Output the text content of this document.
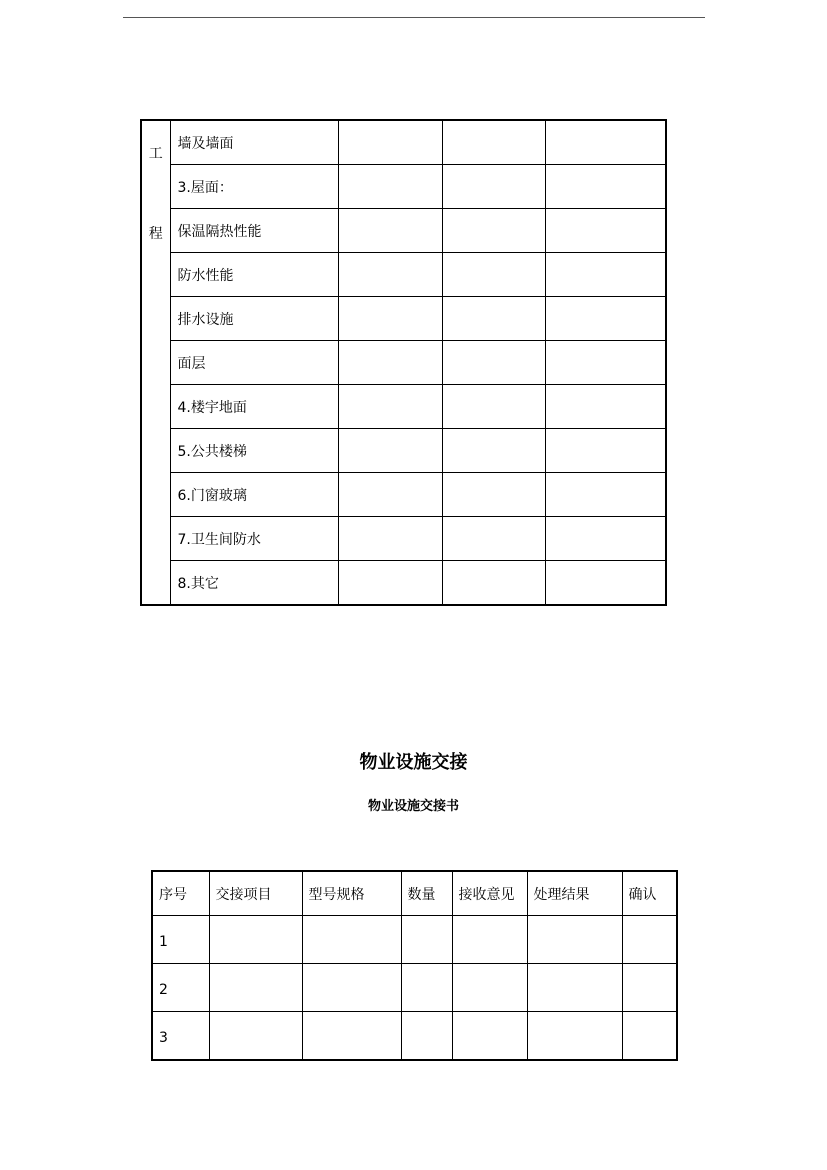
工
程	墙及墙面			
	3.屋面：			
	保温隔热性能			
	防水性能			
	排水设施			
	面层			
	4.楼宇地面			
	5.公共楼梯			
	6.门窗玻璃			
	7.卫生间防水			
	8.其它			
物业设施交接
物业设施交接书
序号	交接项目	型号规格	数量	接收意见	处理结果	确认
1						
2						
3						
